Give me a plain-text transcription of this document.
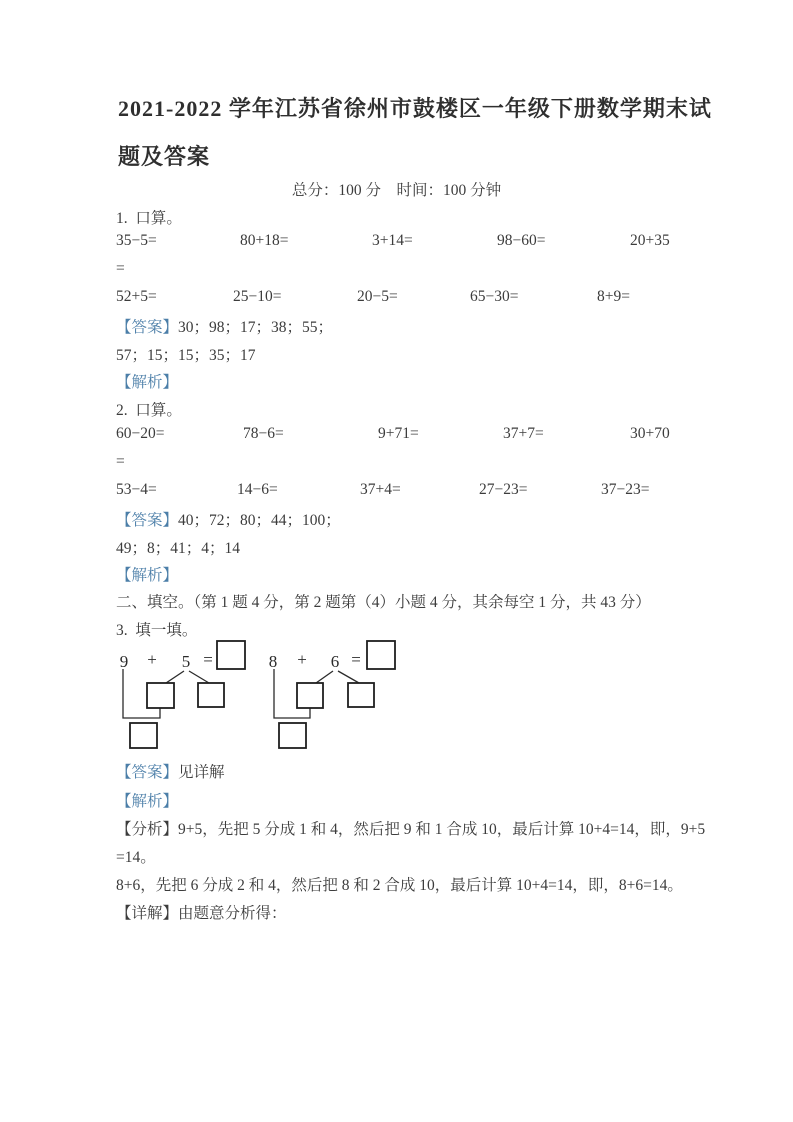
2021-2022 学年江苏省徐州市鼓楼区一年级下册数学期末试
题及答案
总分：100 分　时间：100 分钟
1.  口算。
35−5=	80+18=	3+14=	98−60=	20+35
=
52+5=	25−10=	20−5=	65−30=	8+9=
【答案】30；98；17；38；55；
57；15；15；35；17
【解析】
2.  口算。
60−20=	78−6=	9+71=	37+7=	30+70
=
53−4=	14−6=	37+4=	27−23=	37−23=
【答案】40；72；80；44；100；
49；8；41；4；14
【解析】
二、填空。（第 1 题 4 分，第 2 题第（4）小题 4 分，其余每空 1 分，共 43 分）
3.  填一填。
9 + 5 =	8 + 6 =
【答案】见详解
【解析】
【分析】9+5，先把 5 分成 1 和 4，然后把 9 和 1 合成 10，最后计算 10+4=14，即，9+5
=14。
8+6，先把 6 分成 2 和 4，然后把 8 和 2 合成 10，最后计算 10+4=14，即，8+6=14。
【详解】由题意分析得：
